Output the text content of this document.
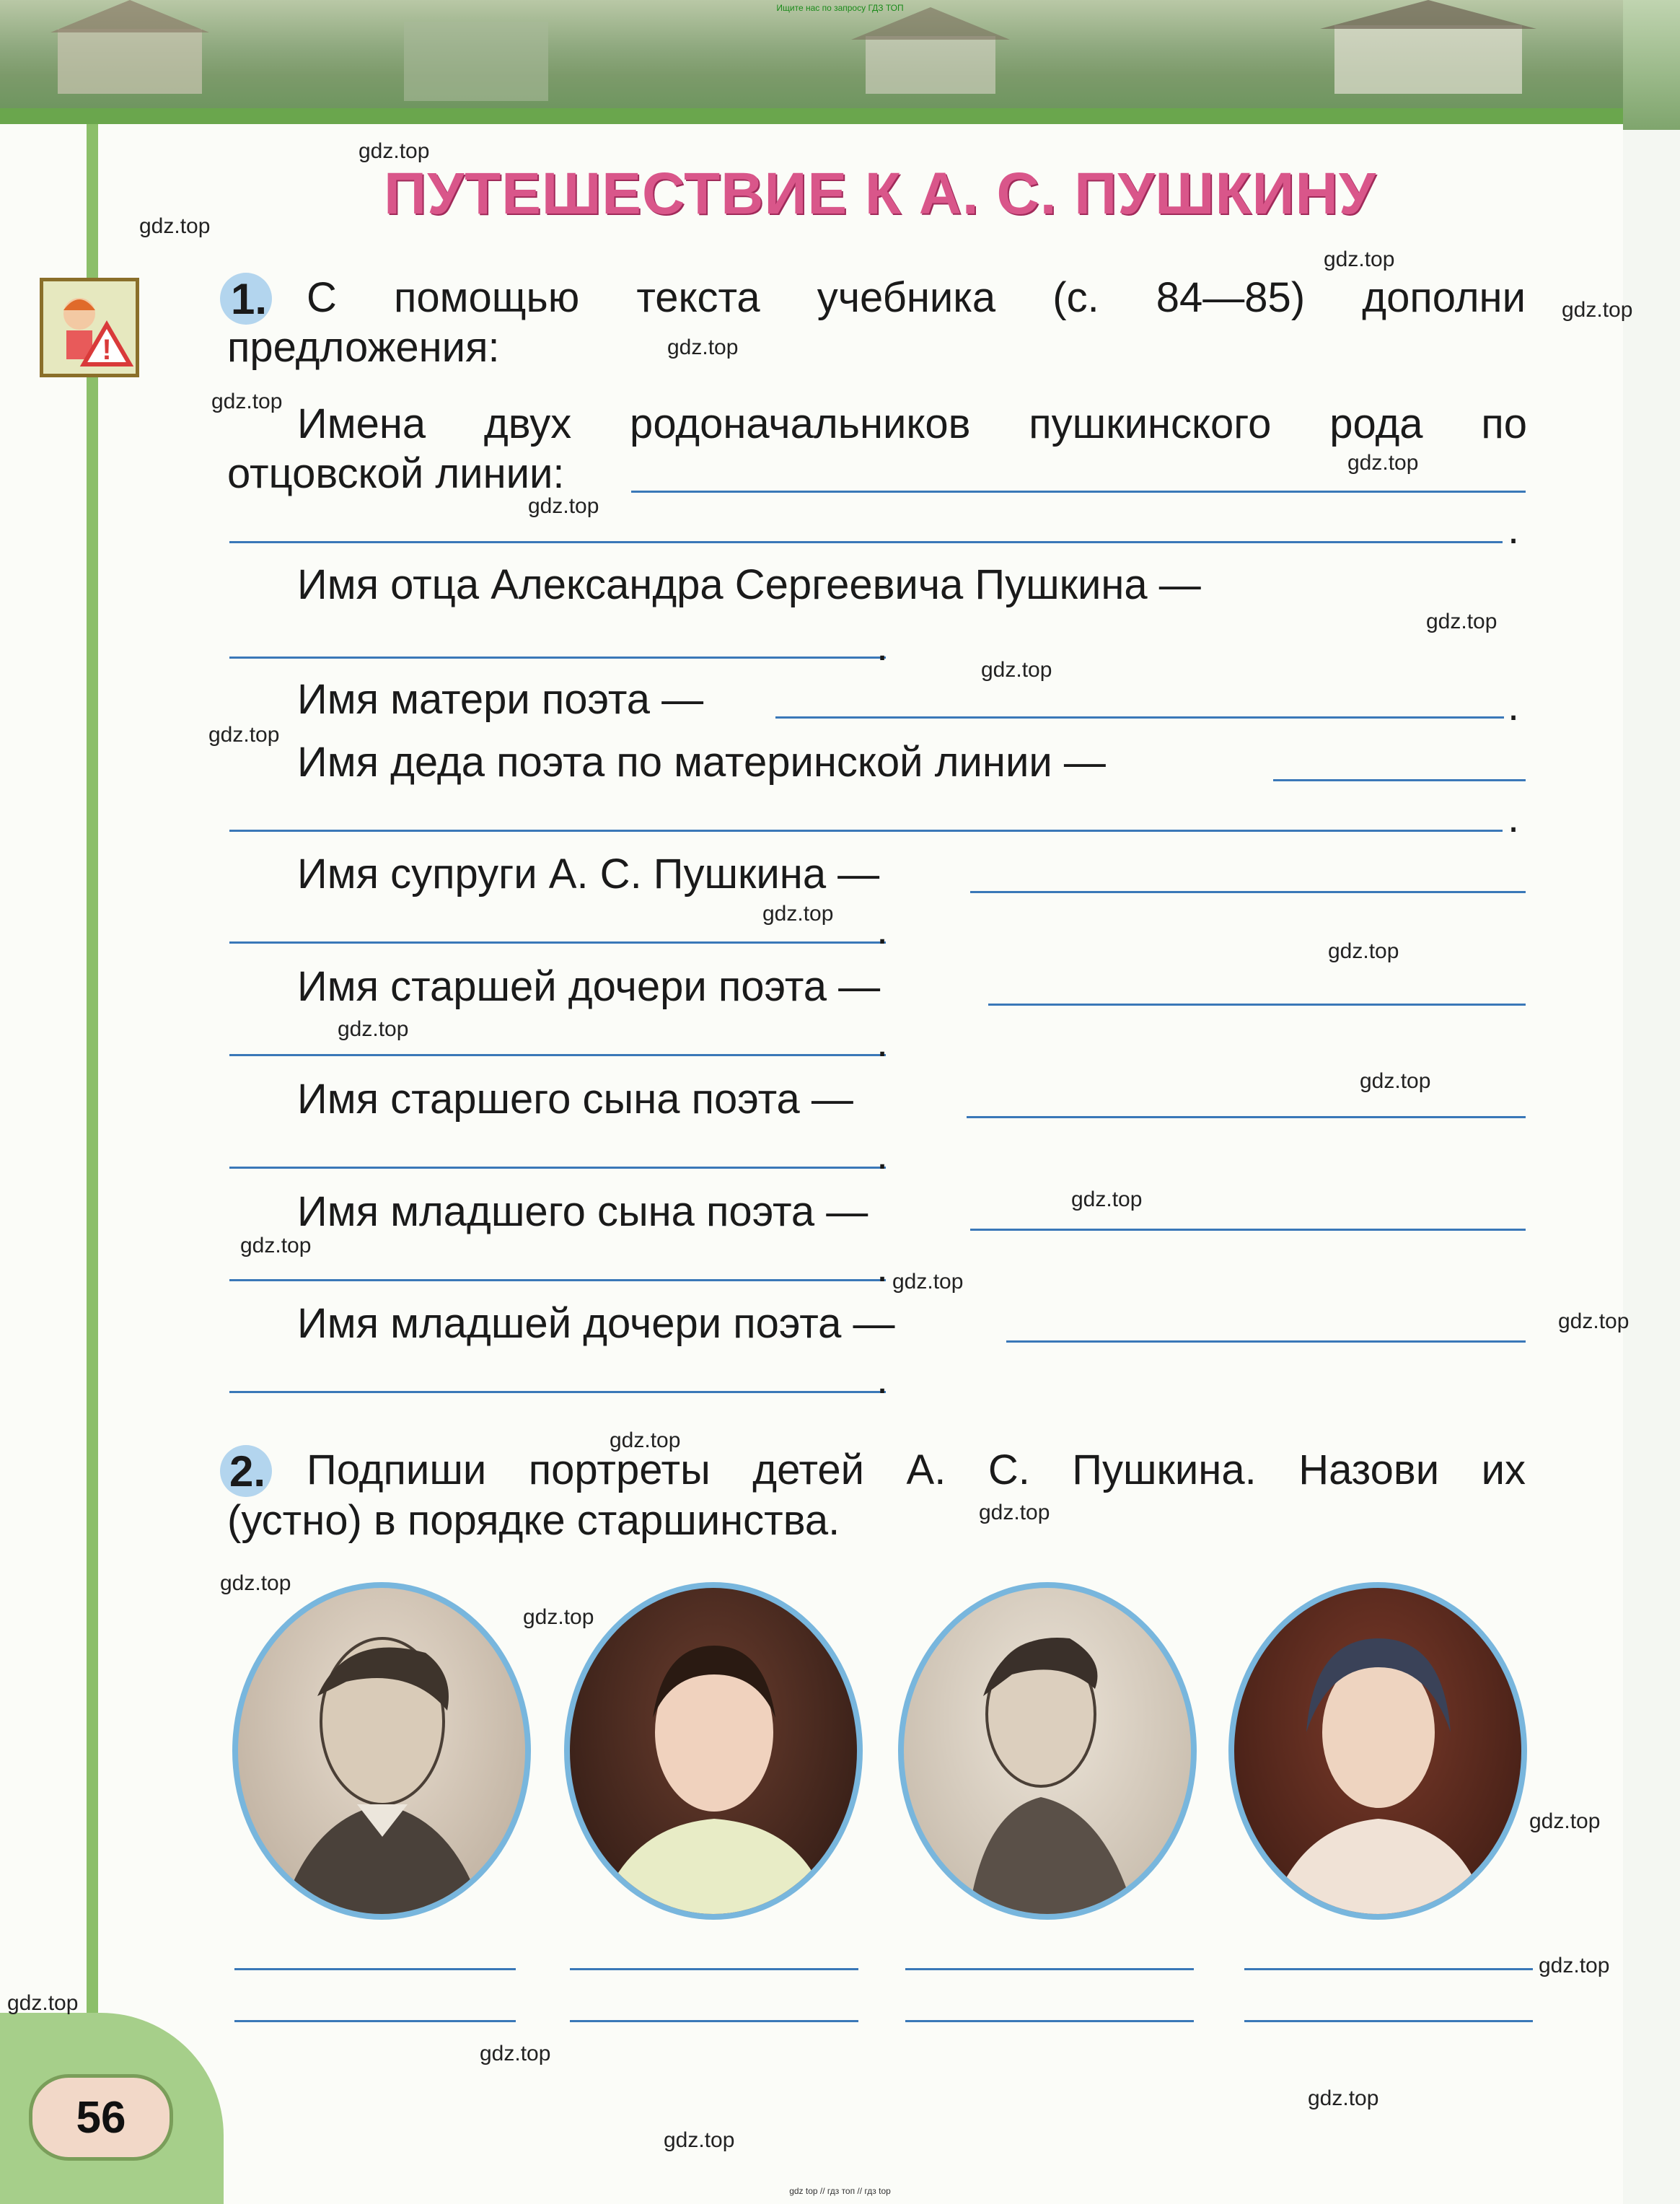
Ищите нас по запросу ГДЗ ТОП
gdz top // гдз топ // гдз top
ПУТЕШЕСТВИЕ К А. С. ПУШКИНУ
!
1. С помощью текста учебника (с. 84—85) дополни
предложения:
Имена двух родоначальников пушкинского рода по
отцовской линии:
.
Имя отца Александра Сергеевича Пушкина —
.
Имя матери поэта —	.
Имя деда поэта по материнской линии —
.
Имя супруги А. С. Пушкина —
.
Имя старшей дочери поэта —
.
Имя старшего сына поэта —
.
Имя младшего сына поэта —
.
Имя младшей дочери поэта —
.
2. Подпиши портреты детей А. С. Пушкина. Назови их
(устно) в порядке старшинства.
56
gdz.top
gdz.top
gdz.top
gdz.top
gdz.top
gdz.top
gdz.top
gdz.top
gdz.top
gdz.top
gdz.top
gdz.top
gdz.top
gdz.top
gdz.top
gdz.top
gdz.top
gdz.top
gdz.top
gdz.top
gdz.top
gdz.top
gdz.top
gdz.top
gdz.top
gdz.top
gdz.top
gdz.top
gdz.top
